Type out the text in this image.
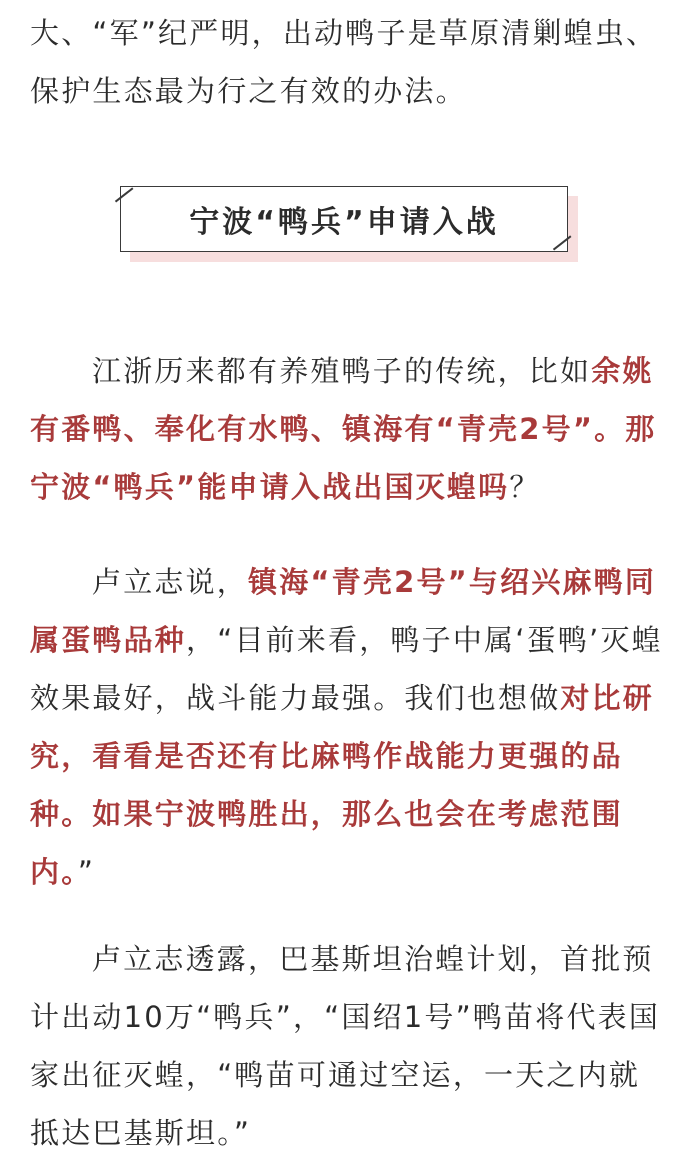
大、“军”纪严明，出动鸭子是草原清剿蝗虫、
保护生态最为行之有效的办法。
宁波“鸭兵”申请入战
江浙历来都有养殖鸭子的传统，比如余姚
有番鸭、奉化有水鸭、镇海有“青壳2号”。那
宁波“鸭兵”能申请入战出国灭蝗吗？
卢立志说，镇海“青壳2号”与绍兴麻鸭同
属蛋鸭品种，“目前来看，鸭子中属‘蛋鸭’灭蝗
效果最好，战斗能力最强。我们也想做对比研
究，看看是否还有比麻鸭作战能力更强的品
种。如果宁波鸭胜出，那么也会在考虑范围
内。”
卢立志透露，巴基斯坦治蝗计划，首批预
计出动10万“鸭兵”，“国绍1号”鸭苗将代表国
家出征灭蝗，“鸭苗可通过空运，一天之内就
抵达巴基斯坦。”
